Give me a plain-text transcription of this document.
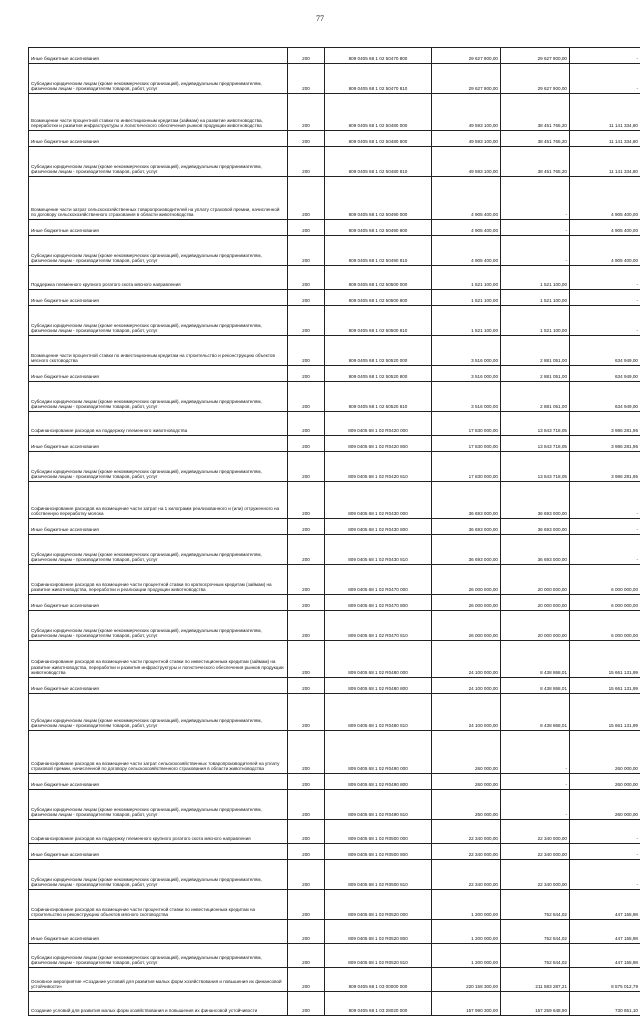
77
Иные бюджетные ассигнования	200	809 0405 68 1 02 50470 800	29 627 900,00	29 627 900,00	-
Субсидии юридическим лицам (кроме некоммерческих организаций), индивидуальным предпринимателям, физическим лицам - производителям товаров, работ, услуг	200	809 0405 68 1 02 50470 810	29 627 900,00	29 627 900,00	-
Возмещение части процентной ставки по инвестиционным кредитам (займам) на развитие животноводства, переработки и развития инфраструктуры и логистического обеспечения рынков продукции животноводства	200	809 0405 68 1 02 50480 000	49 593 100,00	38 451 765,20	11 141 334,80
Иные бюджетные ассигнования	200	809 0405 68 1 02 50480 800	49 593 100,00	38 451 765,20	11 141 334,80
Субсидии юридическим лицам (кроме некоммерческих организаций), индивидуальным предпринимателям, физическим лицам - производителям товаров, работ, услуг	200	809 0405 68 1 02 50480 810	49 593 100,00	38 451 765,20	11 141 334,80
Возмещение части затрат сельскохозяйственных товаропроизводителей на уплату страховой премии, начисленной по договору сельскохозяйственного страхования в области животноводства	200	809 0405 68 1 02 50490 000	4 905 400,00	-	4 905 400,00
Иные бюджетные ассигнования	200	809 0405 68 1 02 50490 800	4 905 400,00	-	4 905 400,00
Субсидии юридическим лицам (кроме некоммерческих организаций), индивидуальным предпринимателям, физическим лицам - производителям товаров, работ, услуг	200	809 0405 68 1 02 50490 810	4 905 400,00	-	4 905 400,00
Поддержка племенного крупного рогатого скота мясного направления	200	809 0405 68 1 02 50500 000	1 521 100,00	1 521 100,00	-
Иные бюджетные ассигнования	200	809 0405 68 1 02 50500 800	1 521 100,00	1 521 100,00	-
Субсидии юридическим лицам (кроме некоммерческих организаций), индивидуальным предпринимателям, физическим лицам - производителям товаров, работ, услуг	200	809 0405 68 1 02 50500 810	1 521 100,00	1 521 100,00	-
Возмещение части процентной ставки по инвестиционным кредитам на строительство и реконструкцию объектов мясного скотоводства	200	809 0405 68 1 02 50520 000	3 516 000,00	2 881 051,00	634 949,00
Иные бюджетные ассигнования	200	809 0405 68 1 02 50520 800	3 516 000,00	2 881 051,00	634 949,00
Субсидии юридическим лицам (кроме некоммерческих организаций), индивидуальным предпринимателям, физическим лицам - производителям товаров, работ, услуг	200	809 0405 68 1 02 50520 810	3 516 000,00	2 881 051,00	634 949,00
Софинансирование расходов на поддержку племенного животноводства	200	809 0405 68 1 02 R0420 000	17 830 000,00	13 843 718,05	3 986 281,95
Иные бюджетные ассигнования	200	809 0405 68 1 02 R0420 800	17 830 000,00	13 843 718,05	3 986 281,95
Субсидии юридическим лицам (кроме некоммерческих организаций), индивидуальным предпринимателям, физическим лицам - производителям товаров, работ, услуг	200	809 0405 68 1 02 R0420 810	17 830 000,00	13 843 718,05	3 986 281,95
Софинансирование расходов на возмещение части затрат на 1 килограмм реализованного и (или) отгруженного на собственную переработку молока	200	809 0405 68 1 02 R0430 000	36 693 000,00	36 693 000,00	-
Иные бюджетные ассигнования	200	809 0405 68 1 02 R0430 800	36 693 000,00	36 693 000,00	-
Субсидии юридическим лицам (кроме некоммерческих организаций), индивидуальным предпринимателям, физическим лицам - производителям товаров, работ, услуг	200	809 0405 68 1 02 R0430 810	36 693 000,00	36 693 000,00	-
Софинансирование расходов на возмещение части процентной ставки по краткосрочным кредитам (займам) на развитие животноводства, переработки и реализации продукции животноводства	200	809 0405 68 1 02 R0470 000	26 000 000,00	20 000 000,00	6 000 000,00
Иные бюджетные ассигнования	200	809 0405 68 1 02 R0470 800	26 000 000,00	20 000 000,00	6 000 000,00
Субсидии юридическим лицам (кроме некоммерческих организаций), индивидуальным предпринимателям, физическим лицам - производителям товаров, работ, услуг	200	809 0405 68 1 02 R0470 810	26 000 000,00	20 000 000,00	6 000 000,00
Софинансирование расходов на возмещение части процентной ставки по инвестиционным кредитам (займам) на развитие животноводства, переработки и развития инфраструктуры и логистического обеспечения рынков продукции животноводства	200	809 0405 68 1 02 R0480 000	24 100 000,00	8 438 868,01	15 661 131,99
Иные бюджетные ассигнования	200	809 0405 68 1 02 R0480 800	24 100 000,00	8 438 868,01	15 661 131,99
Субсидии юридическим лицам (кроме некоммерческих организаций), индивидуальным предпринимателям, физическим лицам - производителям товаров, работ, услуг	200	809 0405 68 1 02 R0480 810	24 100 000,00	8 438 868,01	15 661 131,99
Софинансирование расходов на возмещение части затрат сельскохозяйственных товаропроизводителей на уплату страховой премии, начисленной по договору сельскохозяйственного страхования в области животноводства	200	809 0405 68 1 02 R0490 000	260 000,00	-	260 000,00
Иные бюджетные ассигнования	200	809 0405 68 1 02 R0490 800	260 000,00	-	260 000,00
Субсидии юридическим лицам (кроме некоммерческих организаций), индивидуальным предпринимателям, физическим лицам - производителям товаров, работ, услуг	200	809 0405 68 1 02 R0490 810	260 000,00	-	260 000,00
Софинансирование расходов на поддержку племенного крупного рогатого скота мясного направления	200	809 0405 68 1 02 R0500 000	22 340 000,00	22 340 000,00	-
Иные бюджетные ассигнования	200	809 0405 68 1 02 R0500 800	22 340 000,00	22 340 000,00	-
Субсидии юридическим лицам (кроме некоммерческих организаций), индивидуальным предпринимателям, физическим лицам - производителям товаров, работ, услуг	200	809 0405 68 1 02 R0500 810	22 340 000,00	22 340 000,00	-
Софинансирование расходов на возмещение части процентной ставки по инвестиционным кредитам на строительство и реконструкцию объектов мясного скотоводства	200	809 0405 68 1 02 R0520 000	1 200 000,00	752 844,02	447 155,98
Иные бюджетные ассигнования	200	809 0405 68 1 02 R0520 800	1 200 000,00	752 844,02	447 155,98
Субсидии юридическим лицам (кроме некоммерческих организаций), индивидуальным предпринимателям, физическим лицам - производителям товаров, работ, услуг	200	809 0405 68 1 02 R0520 810	1 200 000,00	752 844,02	447 155,98
Основное мероприятие «Создание условий для развития малых форм хозяйствования и повышения их финансовой устойчивости»	200	809 0405 68 1 03 00000 000	220 158 300,00	211 583 287,21	8 575 012,79
Создание условий для развития малых форм хозяйствования и повышения их финансовой устойчивости	200	809 0405 68 1 03 28020 000	157 990 300,00	157 259 648,90	730 651,10
